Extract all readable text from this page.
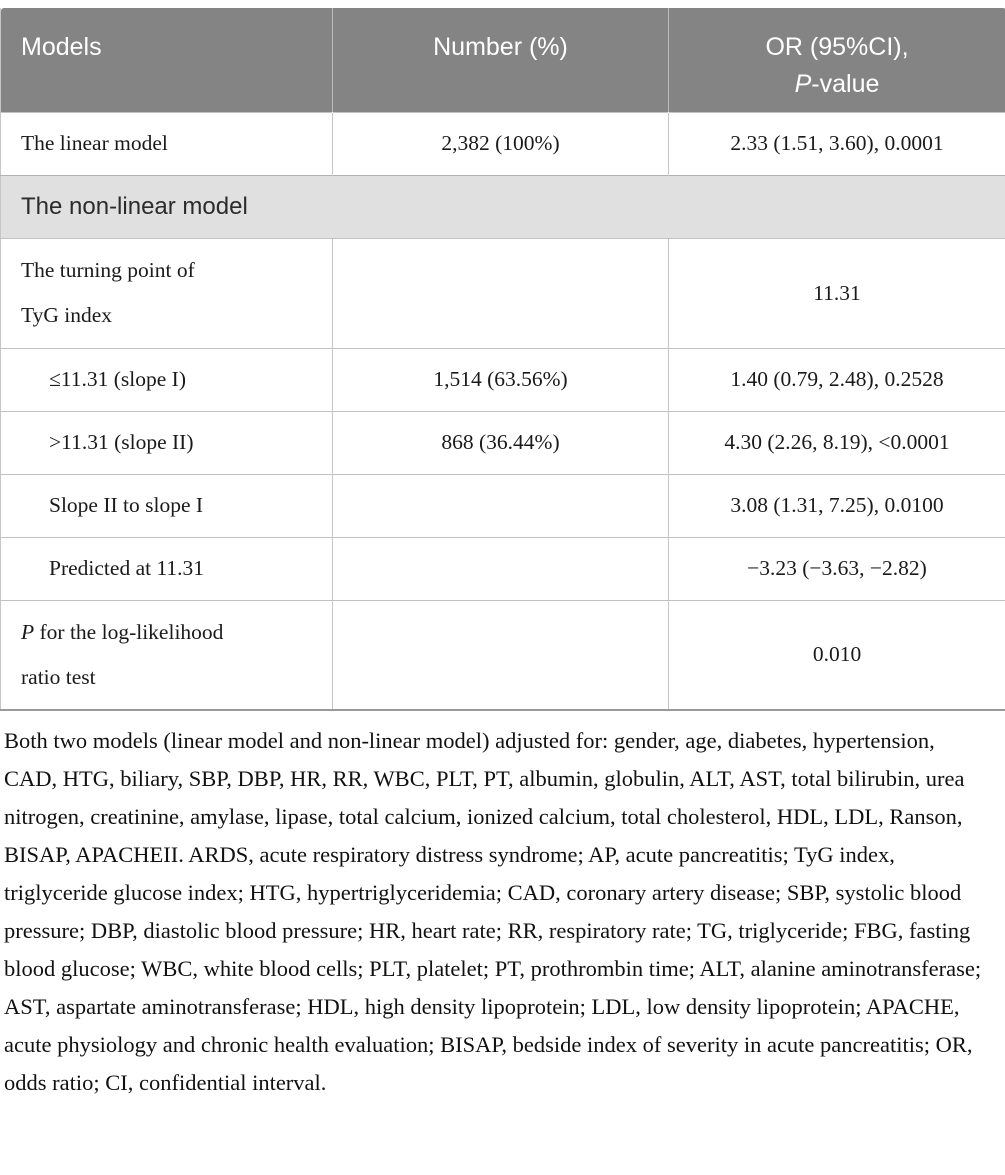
Models	Number (%)	OR (95%CI),
P-value

The linear model	2,382 (100%)	2.33 (1.51, 3.60), 0.0001
The non-linear model		

The turning point of
TyG index		11.31
≤11.31 (slope I)	1,514 (63.56%)	1.40 (0.79, 2.48), 0.2528
>11.31 (slope II)	868 (36.44%)	4.30 (2.26, 8.19), <0.0001
Slope II to slope I		3.08 (1.31, 7.25), 0.0100
Predicted at 11.31		−3.23 (−3.63, −2.82)

P for the log-likelihood
ratio test		0.010
Both two models (linear model and non-linear model) adjusted for: gender, age, diabetes, hypertension, CAD, HTG, biliary, SBP, DBP, HR, RR, WBC, PLT, PT, albumin, globulin, ALT, AST, total bilirubin, urea nitrogen, creatinine, amylase, lipase, total calcium, ionized calcium, total cholesterol, HDL, LDL, Ranson, BISAP, APACHEII. ARDS, acute respiratory distress syndrome; AP, acute pancreatitis; TyG index, triglyceride glucose index; HTG, hypertriglyceridemia; CAD, coronary artery disease; SBP, systolic blood pressure; DBP, diastolic blood pressure; HR, heart rate; RR, respiratory rate; TG, triglyceride; FBG, fasting blood glucose; WBC, white blood cells; PLT, platelet; PT, prothrombin time; ALT, alanine aminotransferase; AST, aspartate aminotransferase; HDL, high density lipoprotein; LDL, low density lipoprotein; APACHE, acute physiology and chronic health evaluation; BISAP, bedside index of severity in acute pancreatitis; OR, odds ratio; CI, confidential interval.
